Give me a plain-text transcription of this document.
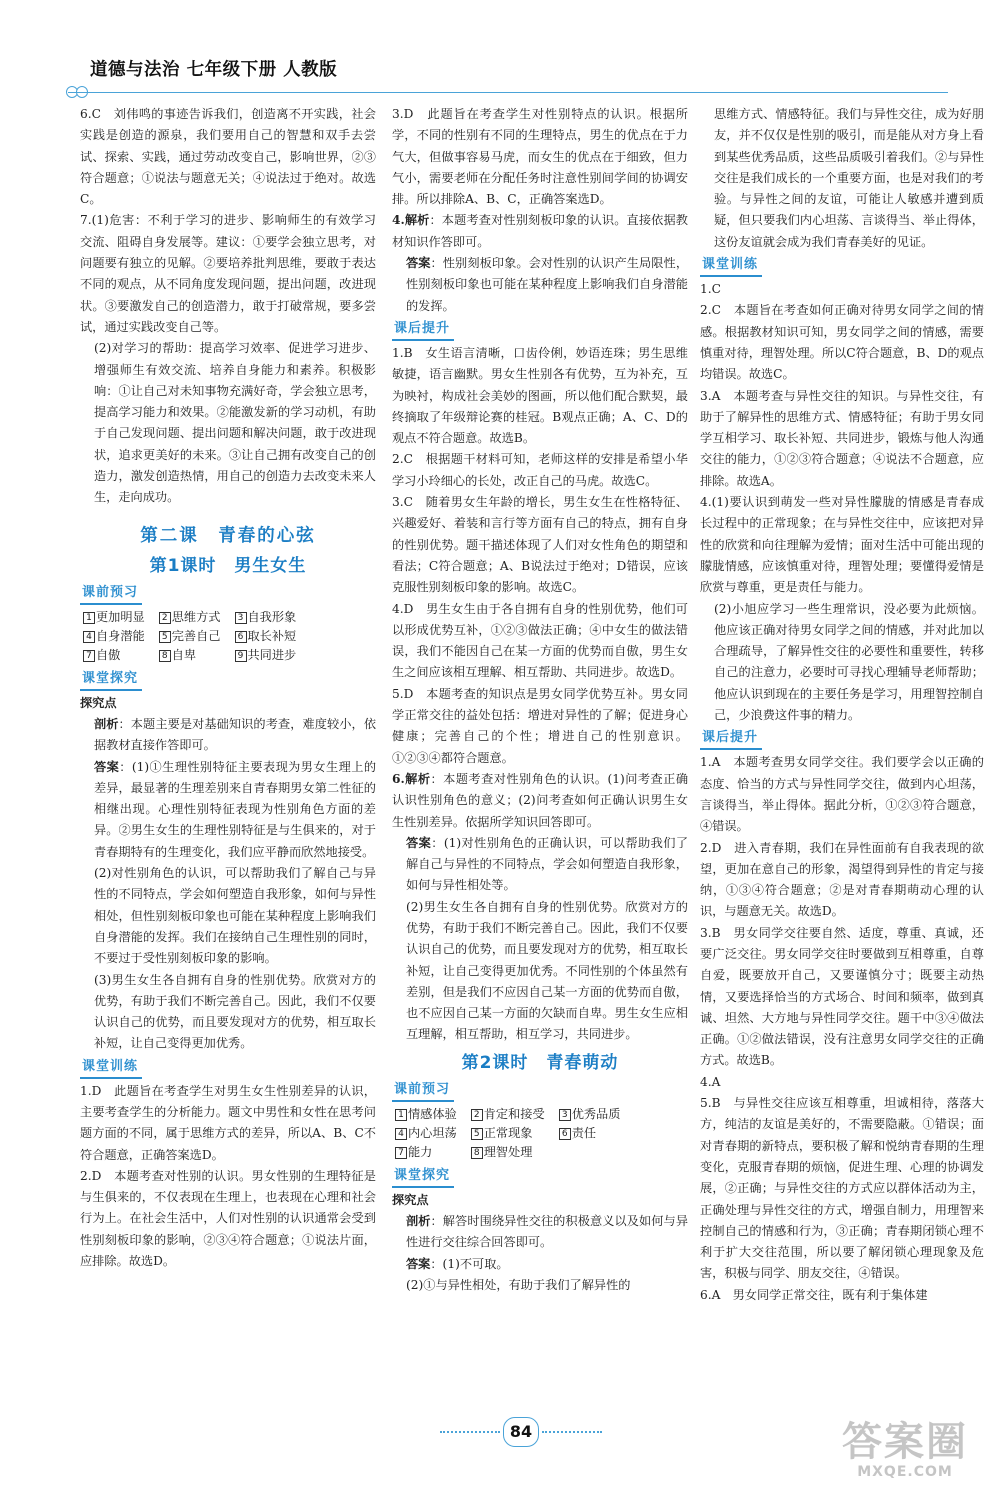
道德与法治 七年级下册 人教版
6.C　刘伟鸣的事迹告诉我们，创造离不开实践，社会实践是创造的源泉，我们要用自己的智慧和双手去尝试、探索、实践，通过劳动改变自己，影响世界，②③符合题意；①说法与题意无关；④说法过于绝对。故选C。
7.(1)危害：不利于学习的进步、影响师生的有效学习交流、阻碍自身发展等。建议：①要学会独立思考，对问题要有独立的见解。②要培养批判思维，要敢于表达不同的观点，从不同角度发现问题，提出问题，改进现状。③要激发自己的创造潜力，敢于打破常规，要多尝试，通过实践改变自己等。
(2)对学习的帮助：提高学习效率、促进学习进步、增强师生有效交流、培养自身能力和素养。积极影响：①让自己对未知事物充满好奇，学会独立思考，提高学习能力和效果。②能激发新的学习动机，有助于自己发现问题、提出问题和解决问题，敢于改进现状，追求更美好的未来。③让自己拥有改变自己的创造力，激发创造热情，用自己的创造力去改变未来人生，走向成功。
第二课　青春的心弦
第1课时　男生女生
课前预习
1 更加明显	2 思维方式	3 自我形象
4 自身潜能	5 完善自己	6 取长补短
7 自傲	8 自卑	9 共同进步
课堂探究
探究点
剖析：本题主要是对基础知识的考查，难度较小，依据教材直接作答即可。
答案：(1)①生理性别特征主要表现为男女生理上的差异，最显著的生理差别来自青春期男女第二性征的相继出现。心理性别特征表现为性别角色方面的差异。②男生女生的生理性别特征是与生俱来的，对于青春期特有的生理变化，我们应平静而欣然地接受。
(2)对性别角色的认识，可以帮助我们了解自己与异性的不同特点，学会如何塑造自我形象，如何与异性相处，但性别刻板印象也可能在某种程度上影响我们自身潜能的发挥。我们在接纳自己生理性别的同时，不要过于受性别刻板印象的影响。
(3)男生女生各自拥有自身的性别优势。欣赏对方的优势，有助于我们不断完善自己。因此，我们不仅要认识自己的优势，而且要发现对方的优势，相互取长补短，让自己变得更加优秀。
课堂训练
1.D　此题旨在考查学生对男生女生性别差异的认识，主要考查学生的分析能力。题文中男性和女性在思考问题方面的不同，属于思维方式的差异，所以A、B、C不符合题意，正确答案选D。
2.D　本题考查对性别的认识。男女性别的生理特征是与生俱来的，不仅表现在生理上，也表现在心理和社会行为上。在社会生活中，人们对性别的认识通常会受到性别刻板印象的影响，②③④符合题意；①说法片面，应排除。故选D。
3.D　此题旨在考查学生对性别特点的认识。根据所学，不同的性别有不同的生理特点，男生的优点在于力气大，但做事容易马虎，而女生的优点在于细致，但力气小，需要老师在分配任务时注意性别间学间的协调安排。所以排除A、B、C，正确答案选D。
4.解析：本题考查对性别刻板印象的认识。直接依据教材知识作答即可。
答案：性别刻板印象。会对性别的认识产生局限性，性别刻板印象也可能在某种程度上影响我们自身潜能的发挥。
课后提升
1.B　女生语言清晰，口齿伶俐，妙语连珠；男生思维敏捷，语言幽默。男女生性别各有优势，互为补充，互为映衬，构成社会美妙的图画，所以他们配合默契，最终摘取了年级辩论赛的桂冠。B观点正确；A、C、D的观点不符合题意。故选B。
2.C　根据题干材料可知，老师这样的安排是希望小华学习小玲细心的长处，改正自己的马虎。故选C。
3.C　随着男女生年龄的增长，男生女生在性格特征、兴趣爱好、着装和言行等方面有自己的特点，拥有自身的性别优势。题干描述体现了人们对女性角色的期望和看法；C符合题意；A、B说法过于绝对；D错误，应该克服性别刻板印象的影响。故选C。
4.D　男生女生由于各自拥有自身的性别优势，他们可以形成优势互补，①②③做法正确；④中女生的做法错误，我们不能因自己在某一方面的优势而自傲，男生女生之间应该相互理解、相互帮助、共同进步。故选D。
5.D　本题考查的知识点是男女同学优势互补。男女同学正常交往的益处包括：增进对异性的了解；促进身心健康；完善自己的个性；增进自己的性别意识。①②③④都符合题意。
6.解析：本题考查对性别角色的认识。(1)问考查正确认识性别角色的意义；(2)问考查如何正确认识男生女生性别差异。依据所学知识回答即可。
答案：(1)对性别角色的正确认识，可以帮助我们了解自己与异性的不同特点，学会如何塑造自我形象，如何与异性相处等。
(2)男生女生各自拥有自身的性别优势。欣赏对方的优势，有助于我们不断完善自己。因此，我们不仅要认识自己的优势，而且要发现对方的优势，相互取长补短，让自己变得更加优秀。不同性别的个体虽然有差别，但是我们不应因自己某一方面的优势而自傲，也不应因自己某一方面的欠缺而自卑。男生女生应相互理解，相互帮助，相互学习，共同进步。
第2课时　青春萌动
课前预习
1 情感体验	2 肯定和接受	3 优秀品质
4 内心坦荡	5 正常现象	6 责任
7 能力	8 理智处理	
课堂探究
探究点
剖析：解答时围绕异性交往的积极意义以及如何与异性进行交往综合回答即可。
答案：(1)不可取。
(2)①与异性相处，有助于我们了解异性的
思维方式、情感特征。我们与异性交往，成为好朋友，并不仅仅是性别的吸引，而是能从对方身上看到某些优秀品质，这些品质吸引着我们。②与异性交往是我们成长的一个重要方面，也是对我们的考验。与异性之间的友谊，可能让人敏感并遭到质疑，但只要我们内心坦荡、言谈得当、举止得体，这份友谊就会成为我们青春美好的见证。
课堂训练
1.C
2.C　本题旨在考查如何正确对待男女同学之间的情感。根据教材知识可知，男女同学之间的情感，需要慎重对待，理智处理。所以C符合题意，B、D的观点均错误。故选C。
3.A　本题考查与异性交往的知识。与异性交往，有助于了解异性的思维方式、情感特征；有助于男女同学互相学习、取长补短、共同进步，锻炼与他人沟通交往的能力，①②③符合题意；④说法不合题意，应排除。故选A。
4.(1)要认识到萌发一些对异性朦胧的情感是青春成长过程中的正常现象；在与异性交往中，应该把对异性的欣赏和向往理解为爱情；面对生活中可能出现的朦胧情感，应该慎重对待，理智处理；要懂得爱情是欣赏与尊重，更是责任与能力。
(2)小旭应学习一些生理常识，没必要为此烦恼。他应该正确对待男女同学之间的情感，并对此加以合理疏导，了解异性交往的必要性和重要性，转移自己的注意力，必要时可寻找心理辅导老师帮助；他应认识到现在的主要任务是学习，用理智控制自己，少浪费这件事的精力。
课后提升
1.A　本题考查男女同学交往。我们要学会以正确的态度、恰当的方式与异性同学交往，做到内心坦荡，言谈得当，举止得体。据此分析，①②③符合题意，④错误。
2.D　进入青春期，我们在异性面前有自我表现的欲望，更加在意自己的形象，渴望得到异性的肯定与接纳，①③④符合题意；②是对青春期萌动心理的认识，与题意无关。故选D。
3.B　男女同学交往要自然、适度，尊重、真诚，还要广泛交往。男女同学交往时要做到互相尊重，自尊自爱，既要放开自己，又要谨慎分寸；既要主动热情，又要选择恰当的方式场合、时间和频率，做到真诚、坦然、大方地与异性同学交往。题干中③④做法正确。①②做法错误，没有注意男女同学交往的正确方式。故选B。
4.A
5.B　与异性交往应该互相尊重，坦诚相待，落落大方，纯洁的友谊是美好的，不需要隐蔽。①错误；面对青春期的新特点，要积极了解和悦纳青春期的生理变化，克服青春期的烦恼，促进生理、心理的协调发展，②正确；与异性交往的方式应以群体活动为主，正确处理与异性交往的方式，增强自制力，用理智来控制自己的情感和行为，③正确；青春期闭锁心理不利于扩大交往范围，所以要了解闭锁心理现象及危害，积极与同学、朋友交往，④错误。
6.A　男女同学正常交往，既有利于集体建
84	答案圈
MXQE.COM
